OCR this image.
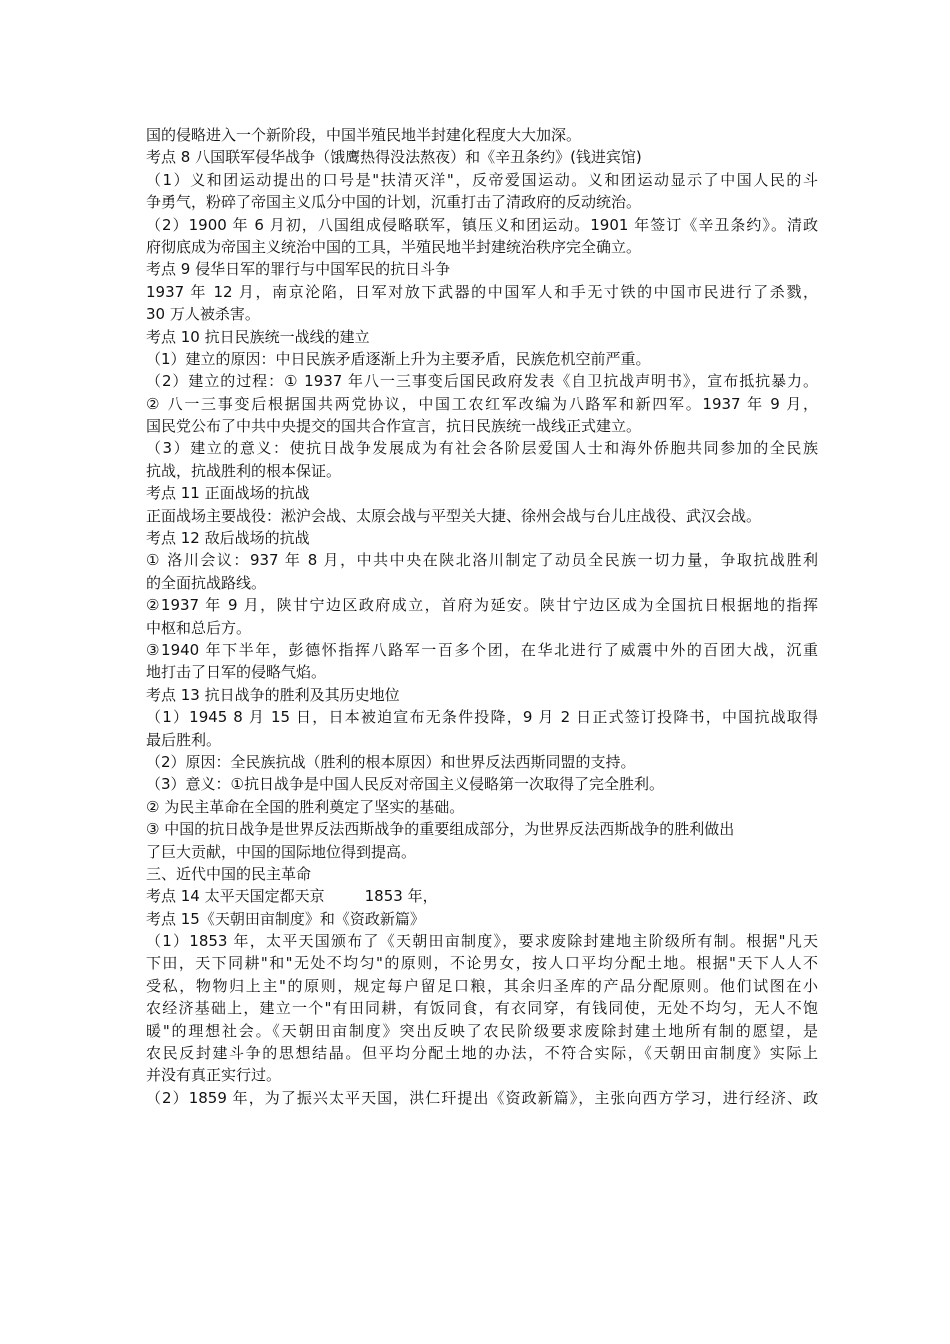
国的侵略进入一个新阶段，中国半殖民地半封建化程度大大加深。
考点 8 八国联军侵华战争（饿鹰热得没法熬夜）和《辛丑条约》(钱进宾馆)
（1）义和团运动提出的口号是"扶清灭洋"，反帝爱国运动。义和团运动显示了中国人民的斗
争勇气，粉碎了帝国主义瓜分中国的计划，沉重打击了清政府的反动统治。
（2）1900 年 6 月初，八国组成侵略联军，镇压义和团运动。1901 年签订《辛丑条约》。清政
府彻底成为帝国主义统治中国的工具，半殖民地半封建统治秩序完全确立。
考点 9 侵华日军的罪行与中国军民的抗日斗争
1937 年 12 月，南京沦陷，日军对放下武器的中国军人和手无寸铁的中国市民进行了杀戮，
30 万人被杀害。
考点 10 抗日民族统一战线的建立
（1）建立的原因：中日民族矛盾逐渐上升为主要矛盾，民族危机空前严重。
（2）建立的过程：① 1937 年八一三事变后国民政府发表《自卫抗战声明书》，宣布抵抗暴力。
② 八一三事变后根据国共两党协议，中国工农红军改编为八路军和新四军。1937 年 9 月，
国民党公布了中共中央提交的国共合作宣言，抗日民族统一战线正式建立。
（3）建立的意义：使抗日战争发展成为有社会各阶层爱国人士和海外侨胞共同参加的全民族
抗战，抗战胜利的根本保证。
考点 11 正面战场的抗战
正面战场主要战役：淞沪会战、太原会战与平型关大捷、徐州会战与台儿庄战役、武汉会战。
考点 12 敌后战场的抗战
① 洛川会议：937 年 8 月，中共中央在陕北洛川制定了动员全民族一切力量，争取抗战胜利
的全面抗战路线。
②1937 年 9 月，陕甘宁边区政府成立，首府为延安。陕甘宁边区成为全国抗日根据地的指挥
中枢和总后方。
③1940 年下半年，彭德怀指挥八路军一百多个团，在华北进行了威震中外的百团大战，沉重
地打击了日军的侵略气焰。
考点 13 抗日战争的胜利及其历史地位
（1）1945 8 月 15 日，日本被迫宣布无条件投降，9 月 2 日正式签订投降书，中国抗战取得
最后胜利。
（2）原因：全民族抗战（胜利的根本原因）和世界反法西斯同盟的支持。
（3）意义：①抗日战争是中国人民反对帝国主义侵略第一次取得了完全胜利。
② 为民主革命在全国的胜利奠定了坚实的基础。
③ 中国的抗日战争是世界反法西斯战争的重要组成部分，为世界反法西斯战争的胜利做出
了巨大贡献，中国的国际地位得到提高。
三、近代中国的民主革命
考点 14 太平天国定都天京	1853 年，
考点 15《天朝田亩制度》和《资政新篇》
（1）1853 年，太平天国颁布了《天朝田亩制度》，要求废除封建地主阶级所有制。根据"凡天
下田，天下同耕"和"无处不均匀"的原则，不论男女，按人口平均分配土地。根据"天下人人不
受私，物物归上主"的原则，规定每户留足口粮，其余归圣库的产品分配原则。他们试图在小
农经济基础上，建立一个"有田同耕，有饭同食，有衣同穿，有钱同使，无处不均匀，无人不饱
暖"的理想社会。《天朝田亩制度》突出反映了农民阶级要求废除封建土地所有制的愿望，是
农民反封建斗争的思想结晶。但平均分配土地的办法，不符合实际，《天朝田亩制度》实际上
并没有真正实行过。
（2）1859 年，为了振兴太平天国，洪仁玕提出《资政新篇》，主张向西方学习，进行经济、政
